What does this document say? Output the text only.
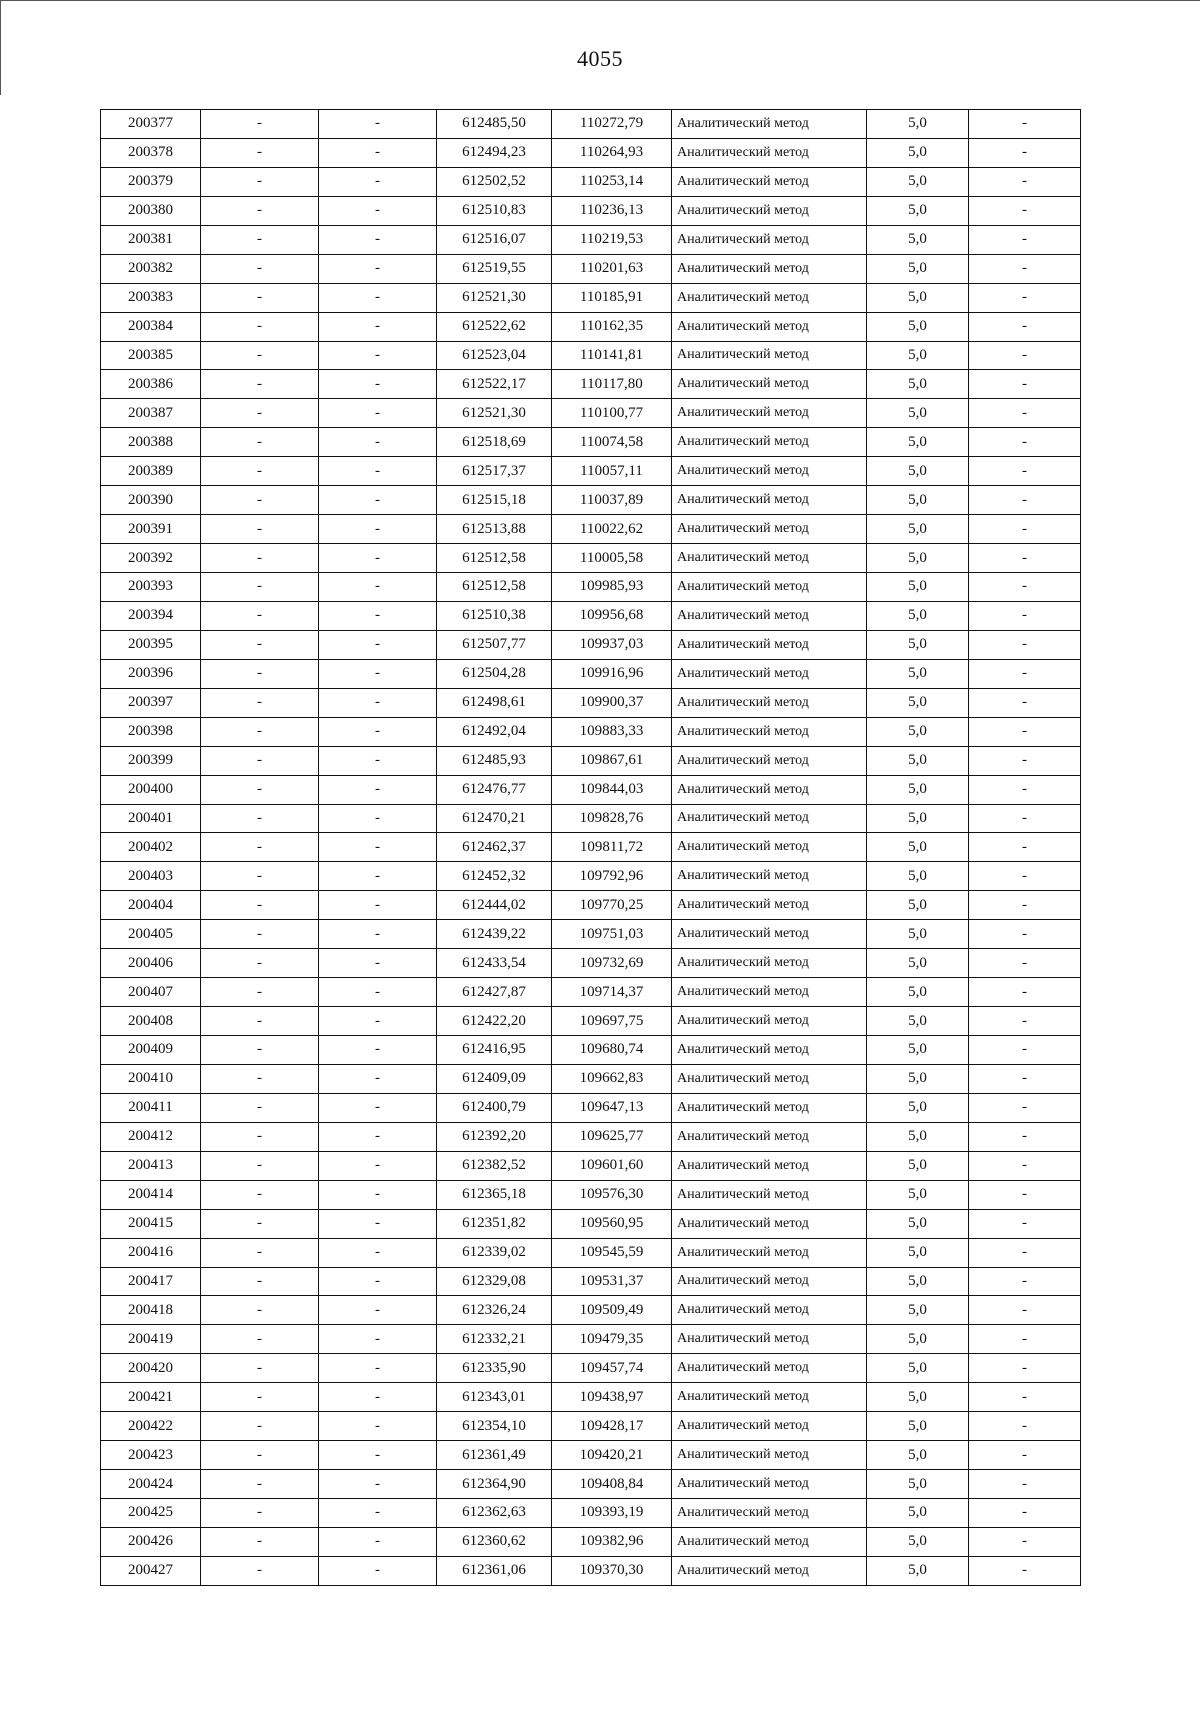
4055
200377	-	-	612485,50	110272,79	Аналитический метод	5,0	-
200378	-	-	612494,23	110264,93	Аналитический метод	5,0	-
200379	-	-	612502,52	110253,14	Аналитический метод	5,0	-
200380	-	-	612510,83	110236,13	Аналитический метод	5,0	-
200381	-	-	612516,07	110219,53	Аналитический метод	5,0	-
200382	-	-	612519,55	110201,63	Аналитический метод	5,0	-
200383	-	-	612521,30	110185,91	Аналитический метод	5,0	-
200384	-	-	612522,62	110162,35	Аналитический метод	5,0	-
200385	-	-	612523,04	110141,81	Аналитический метод	5,0	-
200386	-	-	612522,17	110117,80	Аналитический метод	5,0	-
200387	-	-	612521,30	110100,77	Аналитический метод	5,0	-
200388	-	-	612518,69	110074,58	Аналитический метод	5,0	-
200389	-	-	612517,37	110057,11	Аналитический метод	5,0	-
200390	-	-	612515,18	110037,89	Аналитический метод	5,0	-
200391	-	-	612513,88	110022,62	Аналитический метод	5,0	-
200392	-	-	612512,58	110005,58	Аналитический метод	5,0	-
200393	-	-	612512,58	109985,93	Аналитический метод	5,0	-
200394	-	-	612510,38	109956,68	Аналитический метод	5,0	-
200395	-	-	612507,77	109937,03	Аналитический метод	5,0	-
200396	-	-	612504,28	109916,96	Аналитический метод	5,0	-
200397	-	-	612498,61	109900,37	Аналитический метод	5,0	-
200398	-	-	612492,04	109883,33	Аналитический метод	5,0	-
200399	-	-	612485,93	109867,61	Аналитический метод	5,0	-
200400	-	-	612476,77	109844,03	Аналитический метод	5,0	-
200401	-	-	612470,21	109828,76	Аналитический метод	5,0	-
200402	-	-	612462,37	109811,72	Аналитический метод	5,0	-
200403	-	-	612452,32	109792,96	Аналитический метод	5,0	-
200404	-	-	612444,02	109770,25	Аналитический метод	5,0	-
200405	-	-	612439,22	109751,03	Аналитический метод	5,0	-
200406	-	-	612433,54	109732,69	Аналитический метод	5,0	-
200407	-	-	612427,87	109714,37	Аналитический метод	5,0	-
200408	-	-	612422,20	109697,75	Аналитический метод	5,0	-
200409	-	-	612416,95	109680,74	Аналитический метод	5,0	-
200410	-	-	612409,09	109662,83	Аналитический метод	5,0	-
200411	-	-	612400,79	109647,13	Аналитический метод	5,0	-
200412	-	-	612392,20	109625,77	Аналитический метод	5,0	-
200413	-	-	612382,52	109601,60	Аналитический метод	5,0	-
200414	-	-	612365,18	109576,30	Аналитический метод	5,0	-
200415	-	-	612351,82	109560,95	Аналитический метод	5,0	-
200416	-	-	612339,02	109545,59	Аналитический метод	5,0	-
200417	-	-	612329,08	109531,37	Аналитический метод	5,0	-
200418	-	-	612326,24	109509,49	Аналитический метод	5,0	-
200419	-	-	612332,21	109479,35	Аналитический метод	5,0	-
200420	-	-	612335,90	109457,74	Аналитический метод	5,0	-
200421	-	-	612343,01	109438,97	Аналитический метод	5,0	-
200422	-	-	612354,10	109428,17	Аналитический метод	5,0	-
200423	-	-	612361,49	109420,21	Аналитический метод	5,0	-
200424	-	-	612364,90	109408,84	Аналитический метод	5,0	-
200425	-	-	612362,63	109393,19	Аналитический метод	5,0	-
200426	-	-	612360,62	109382,96	Аналитический метод	5,0	-
200427	-	-	612361,06	109370,30	Аналитический метод	5,0	-
